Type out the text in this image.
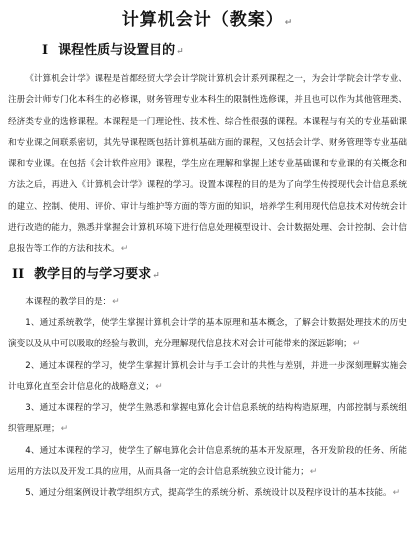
计算机会计（教案）↵
I 课程性质与设置目的↵

《计算机会计学》课程是首都经贸大学会计学院计算机会计系列课程之一，为会计学院会计学专业、注册会计师专门化本科生的必修课，财务管理专业本科生的限制性选修课，并且也可以作为其他管理类、经济类专业的选修课程。本课程是一门理论性、技术性、综合性很强的课程。本课程与有关的专业基础课和专业课之间联系密切，其先导课程既包括计算机基础方面的课程，又包括会计学、财务管理等专业基础课和专业课。在包括《会计软件应用》课程，学生应在理解和掌握上述专业基础课和专业课的有关概念和方法之后，再进入《计算机会计学》课程的学习。设置本课程的目的是为了向学生传授现代会计信息系统的建立、控制、使用、评价、审计与维护等方面的等方面的知识，培养学生利用现代信息技术对传统会计进行改造的能力，熟悉并掌握会计算机环境下进行信息处理模型设计、会计数据处理、会计控制、会计信息报告等工作的方法和技术。↵

II 教学目的与学习要求↵

本课程的教学目的是：↵

1、通过系统教学，使学生掌握计算机会计学的基本原理和基本概念，了解会计数据处理技术的历史演变以及从中可以吸取的经验与教训，充分理解现代信息技术对会计可能带来的深远影响；↵

2、通过本课程的学习，使学生掌握计算机会计与手工会计的共性与差别，并进一步深刻理解实施会计电算化直至会计信息化的战略意义；↵

3、通过本课程的学习，使学生熟悉和掌握电算化会计信息系统的结构构造原理，内部控制与系统组织管理原理；↵

4、通过本课程的学习，使学生了解电算化会计信息系统的基本开发原理，各开发阶段的任务、所能运用的方法以及开发工具的应用，从而具备一定的会计信息系统独立设计能力；↵

5、通过分组案例设计教学组织方式，提高学生的系统分析、系统设计以及程序设计的基本技能。↵
